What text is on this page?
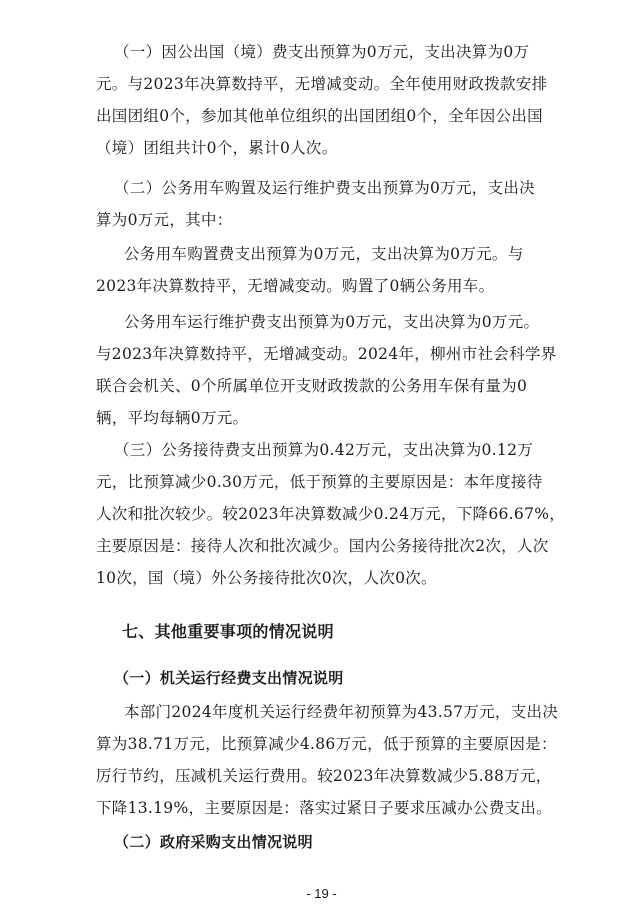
（一）因公出国（境）费支出预算为0万元，支出决算为0万
元。与2023年决算数持平，无增减变动。全年使用财政拨款安排
出国团组0个，参加其他单位组织的出国团组0个，全年因公出国
（境）团组共计0个，累计0人次。
（二）公务用车购置及运行维护费支出预算为0万元，支出决
算为0万元，其中：
公务用车购置费支出预算为0万元，支出决算为0万元。与
2023年决算数持平，无增减变动。购置了0辆公务用车。
公务用车运行维护费支出预算为0万元，支出决算为0万元。
与2023年决算数持平，无增减变动。2024年，柳州市社会科学界
联合会机关、0个所属单位开支财政拨款的公务用车保有量为0
辆，平均每辆0万元。
（三）公务接待费支出预算为0.42万元，支出决算为0.12万
元，比预算减少0.30万元，低于预算的主要原因是：本年度接待
人次和批次较少。较2023年决算数减少0.24万元，下降66.67%，
主要原因是：接待人次和批次减少。国内公务接待批次2次，人次
10次，国（境）外公务接待批次0次，人次0次。
七、其他重要事项的情况说明
（一）机关运行经费支出情况说明
本部门2024年度机关运行经费年初预算为43.57万元，支出决
算为38.71万元，比预算减少4.86万元，低于预算的主要原因是：
厉行节约，压减机关运行费用。较2023年决算数减少5.88万元，
下降13.19%，主要原因是：落实过紧日子要求压减办公费支出。
（二）政府采购支出情况说明
- 19 -
